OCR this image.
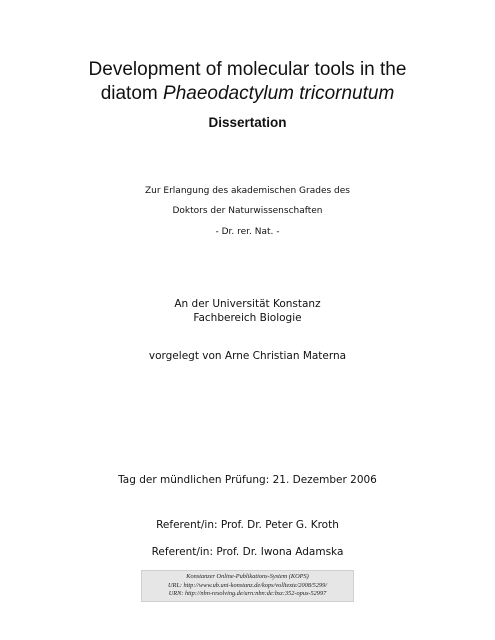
Development of molecular tools in the
diatom Phaeodactylum tricornutum
Dissertation
Zur Erlangung des akademischen Grades des
Doktors der Naturwissenschaften
- Dr. rer. Nat. -
An der Universität Konstanz
Fachbereich Biologie
vorgelegt von Arne Christian Materna
Tag der mündlichen Prüfung: 21. Dezember 2006
Referent/in: Prof. Dr. Peter G. Kroth
Referent/in: Prof. Dr. Iwona Adamska
Konstanzer Online-Publikations-System (KOPS)
URL: http://www.ub.uni-konstanz.de/kops/volltexte/2008/5299/
URN: http://nbn-resolving.de/urn:nbn:de:bsz:352-opus-52997
